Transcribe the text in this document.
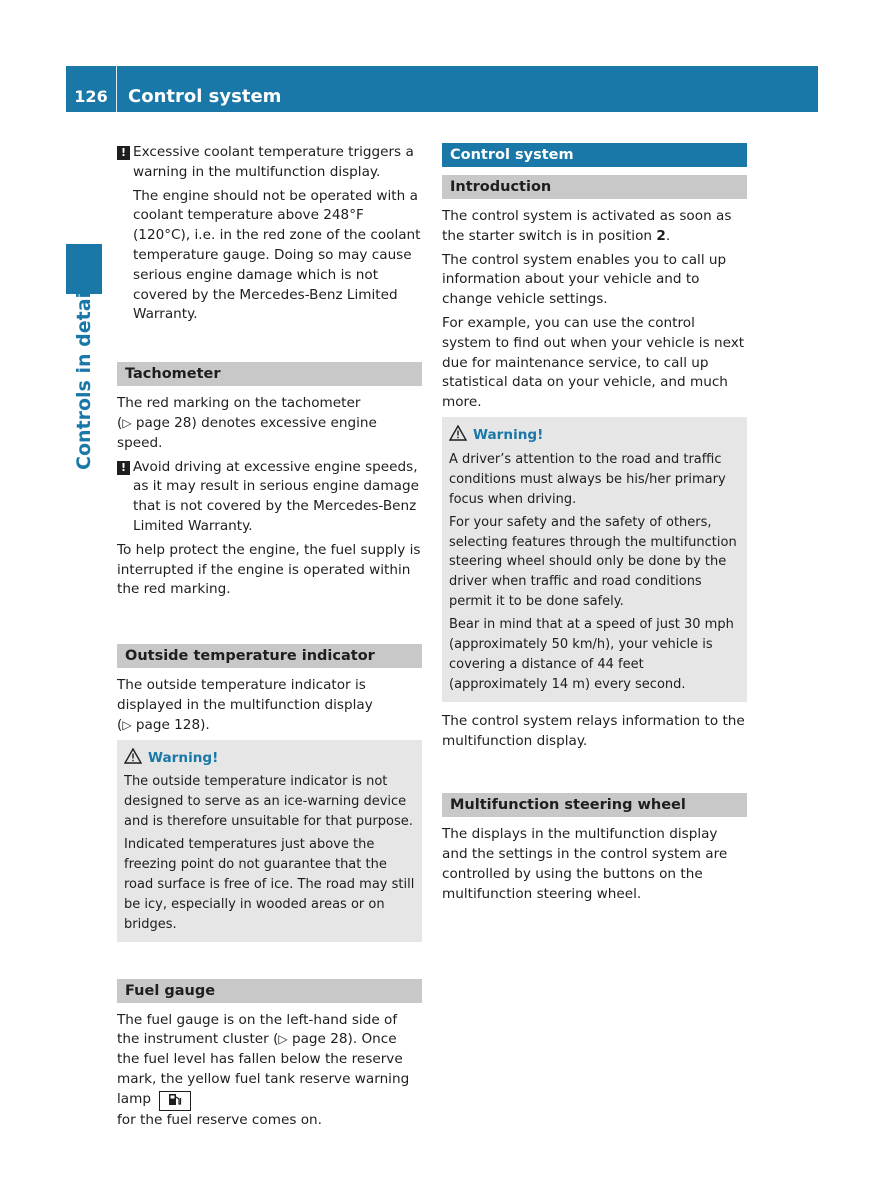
126	Control system
Controls in detail
! Excessive coolant temperature triggers a warning in the multifunction display.

The engine should not be operated with a coolant temperature above 248°F (120°C), i.e. in the red zone of the coolant temperature gauge. Doing so may cause serious engine damage which is not covered by the Mercedes-Benz Limited Warranty.

Tachometer

The red marking on the tachometer
(▷ page 28) denotes excessive engine speed.

! Avoid driving at excessive engine speeds, as it may result in serious engine damage that is not covered by the Mercedes-Benz Limited Warranty.

To help protect the engine, the fuel supply is interrupted if the engine is operated within the red marking.

Outside temperature indicator

The outside temperature indicator is displayed in the multifunction display
(▷ page 128).

Warning!

The outside temperature indicator is not designed to serve as an ice-warning device and is therefore unsuitable for that purpose.

Indicated temperatures just above the freezing point do not guarantee that the road surface is free of ice. The road may still be icy, especially in wooded areas or on bridges.

Fuel gauge

The fuel gauge is on the left-hand side of the instrument cluster (▷ page 28). Once the fuel level has fallen below the reserve mark, the yellow fuel tank reserve warning lamp
for the fuel reserve comes on.

Control system
Introduction

The control system is activated as soon as the starter switch is in position 2.

The control system enables you to call up information about your vehicle and to change vehicle settings.

For example, you can use the control system to find out when your vehicle is next due for maintenance service, to call up statistical data on your vehicle, and much more.

Warning!

A driver’s attention to the road and traffic conditions must always be his/her primary focus when driving.

For your safety and the safety of others, selecting features through the multifunction steering wheel should only be done by the driver when traffic and road conditions permit it to be done safely.

Bear in mind that at a speed of just 30 mph (approximately 50 km/h), your vehicle is covering a distance of 44 feet (approximately 14 m) every second.

The control system relays information to the multifunction display.

Multifunction steering wheel

The displays in the multifunction display and the settings in the control system are controlled by using the buttons on the multifunction steering wheel.
